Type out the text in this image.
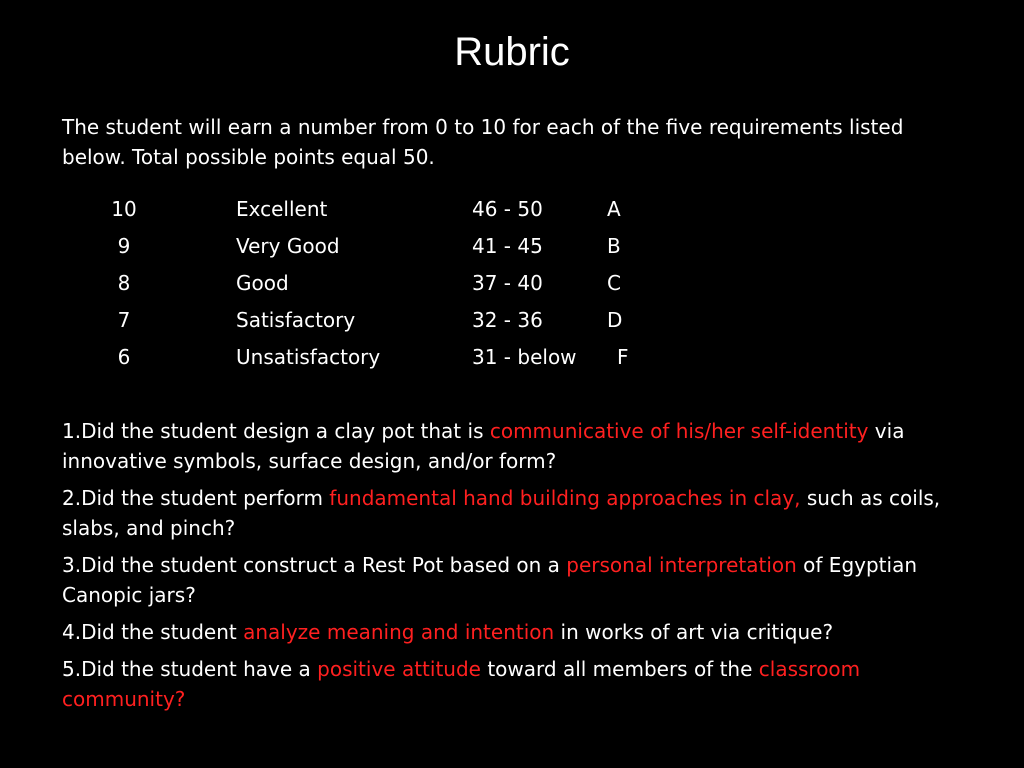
Rubric
The student will earn a number from 0 to 10 for each of the five requirements listed below. Total possible points equal 50.
10	Excellent	46 - 50	A
9	Very Good	41 - 45	B
8	Good	37 - 40	C
7	Satisfactory	32 - 36	D
6	Unsatisfactory	31 - below F

1.Did the student design a clay pot that is communicative of his/her self-identity via innovative symbols, surface design, and/or form?

2.Did the student perform fundamental hand building approaches in clay, such as coils, slabs, and pinch?

3.Did the student construct a Rest Pot based on a personal interpretation of Egyptian Canopic jars?

4.Did the student analyze meaning and intention in works of art via critique?

5.Did the student have a positive attitude toward all members of the classroom community?
